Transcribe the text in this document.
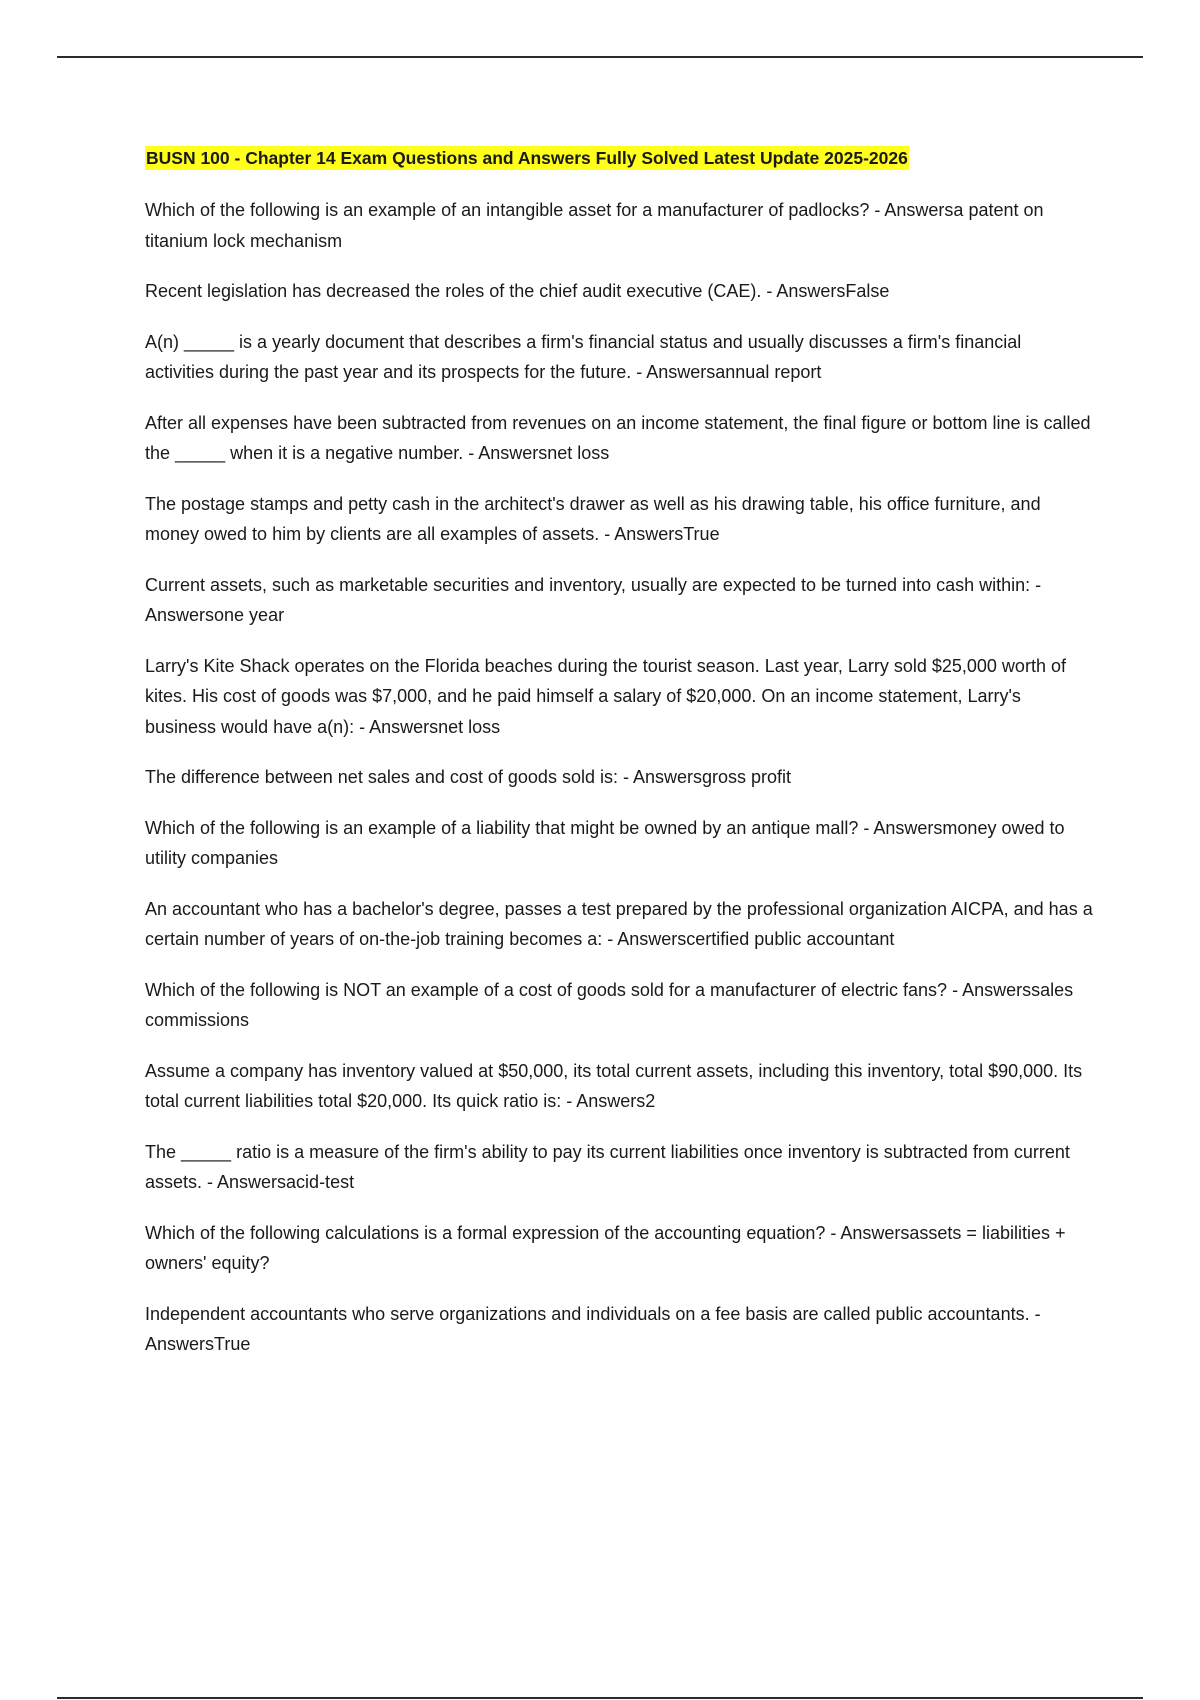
BUSN 100 - Chapter 14 Exam Questions and Answers Fully Solved Latest Update 2025-2026

Which of the following is an example of an intangible asset for a manufacturer of padlocks? - Answersa patent on titanium lock mechanism

Recent legislation has decreased the roles of the chief audit executive (CAE). - AnswersFalse

A(n) _____ is a yearly document that describes a firm's financial status and usually discusses a firm's financial activities during the past year and its prospects for the future. - Answersannual report

After all expenses have been subtracted from revenues on an income statement, the final figure or bottom line is called the _____ when it is a negative number. - Answersnet loss

The postage stamps and petty cash in the architect's drawer as well as his drawing table, his office furniture, and money owed to him by clients are all examples of assets. - AnswersTrue

Current assets, such as marketable securities and inventory, usually are expected to be turned into cash within: - Answersone year

Larry's Kite Shack operates on the Florida beaches during the tourist season. Last year, Larry sold $25,000 worth of kites. His cost of goods was $7,000, and he paid himself a salary of $20,000. On an income statement, Larry's business would have a(n): - Answersnet loss

The difference between net sales and cost of goods sold is: - Answersgross profit

Which of the following is an example of a liability that might be owned by an antique mall? - Answersmoney owed to utility companies

An accountant who has a bachelor's degree, passes a test prepared by the professional organization AICPA, and has a certain number of years of on-the-job training becomes a: - Answerscertified public accountant

Which of the following is NOT an example of a cost of goods sold for a manufacturer of electric fans? - Answerssales commissions

Assume a company has inventory valued at $50,000, its total current assets, including this inventory, total $90,000. Its total current liabilities total $20,000. Its quick ratio is: - Answers2

The _____ ratio is a measure of the firm's ability to pay its current liabilities once inventory is subtracted from current assets. - Answersacid-test

Which of the following calculations is a formal expression of the accounting equation? - Answersassets = liabilities + owners' equity?

Independent accountants who serve organizations and individuals on a fee basis are called public accountants. - AnswersTrue
